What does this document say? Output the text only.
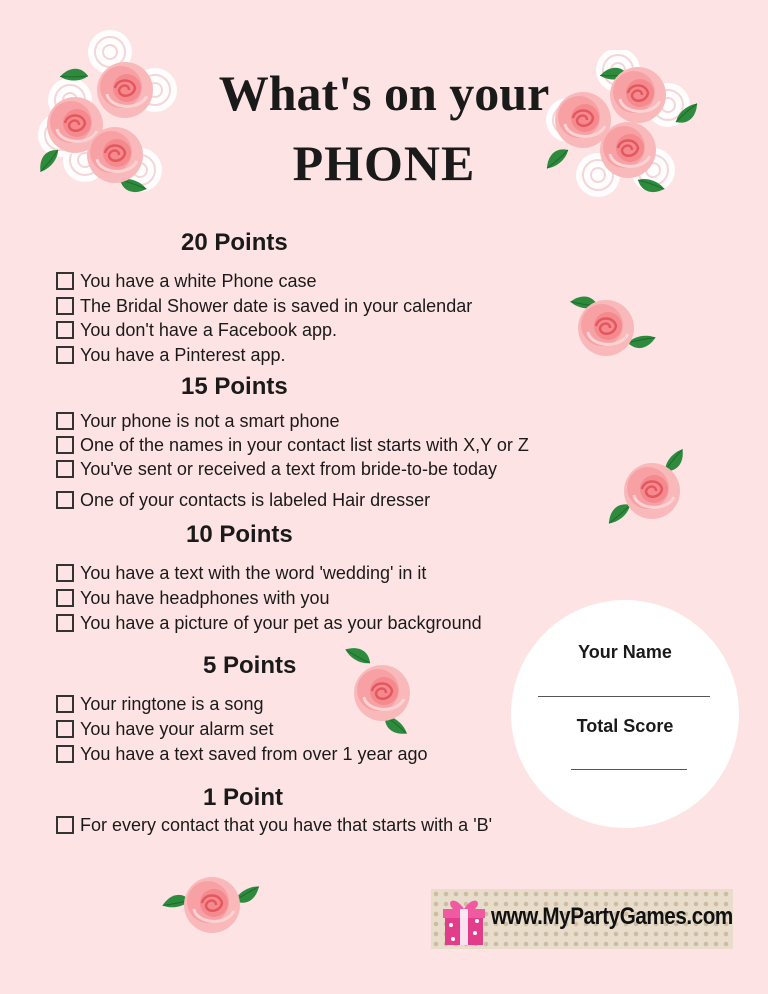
What's on your
PHONE
20 Points
You have a white Phone case
The Bridal Shower date is saved in your calendar
You don't have a Facebook app.
You have a Pinterest app.
15 Points
Your phone is not a smart phone
One of the names in your contact list starts with X,Y or Z
You've sent or received a text from bride-to-be today
One of your contacts is labeled Hair dresser
10 Points
You have a text with the word 'wedding' in it
You have headphones with you
You have a picture of your pet as your background
5 Points
Your ringtone is a song
You have your alarm set
You have a text saved from over 1 year ago
1 Point
For every contact that you have that starts with a 'B'
Your Name
Total Score
www.MyPartyGames.com
